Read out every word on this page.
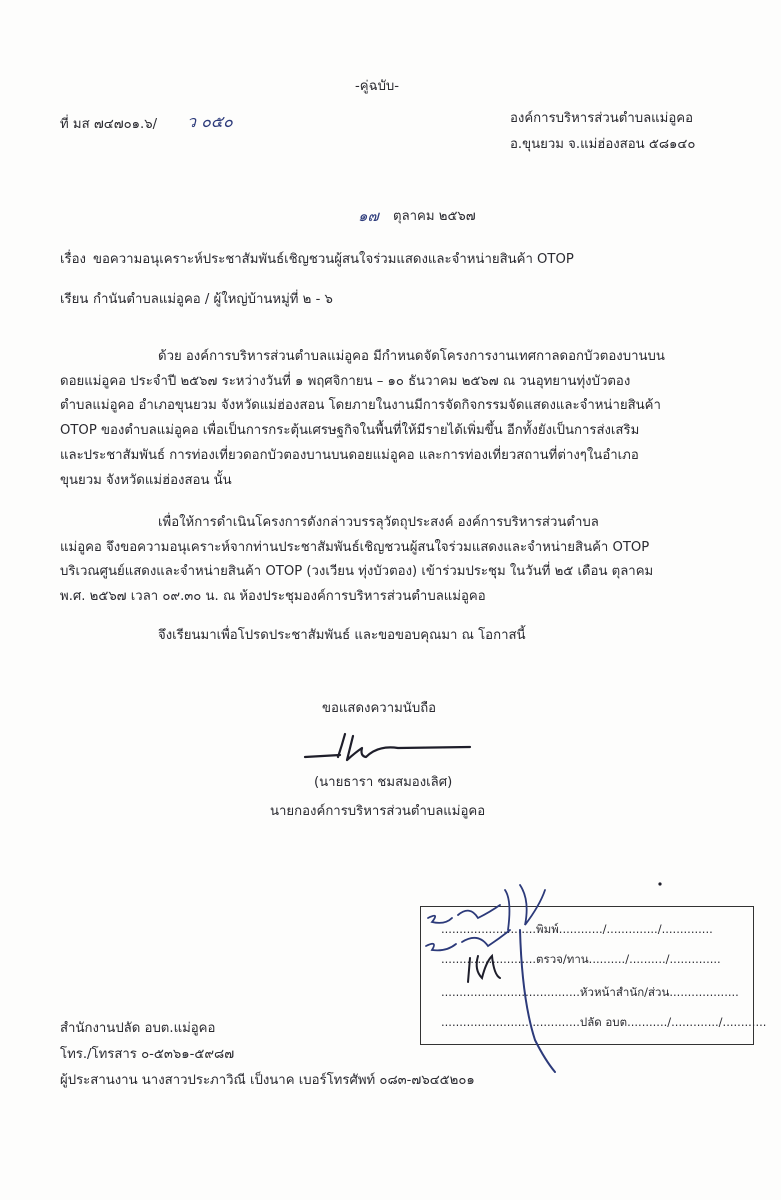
-คู่ฉบับ-
ที่ มส ๗๔๗๐๑.๖/ ว ๐๕๐	องค์การบริหารส่วนตำบลแม่อูคอ
อ.ขุนยวม จ.แม่ฮ่องสอน ๕๘๑๔๐
๑๗ ตุลาคม ๒๕๖๗
เรื่อง ขอความอนุเคราะห์ประชาสัมพันธ์เชิญชวนผู้สนใจร่วมแสดงและจำหน่ายสินค้า OTOP
เรียน กำนันตำบลแม่อูคอ / ผู้ใหญ่บ้านหมู่ที่ ๒ - ๖
ด้วย องค์การบริหารส่วนตำบลแม่อูคอ มีกำหนดจัดโครงการงานเทศกาลดอกบัวตองบานบน
ดอยแม่อูคอ ประจำปี ๒๕๖๗ ระหว่างวันที่ ๑ พฤศจิกายน – ๑๐ ธันวาคม ๒๕๖๗ ณ วนอุทยานทุ่งบัวตอง
ตำบลแม่อูคอ อำเภอขุนยวม จังหวัดแม่ฮ่องสอน โดยภายในงานมีการจัดกิจกรรมจัดแสดงและจำหน่ายสินค้า
OTOP ของตำบลแม่อูคอ เพื่อเป็นการกระตุ้นเศรษฐกิจในพื้นที่ให้มีรายได้เพิ่มขึ้น อีกทั้งยังเป็นการส่งเสริม
และประชาสัมพันธ์ การท่องเที่ยวดอกบัวตองบานบนดอยแม่อูคอ และการท่องเที่ยวสถานที่ต่างๆในอำเภอ
ขุนยวม จังหวัดแม่ฮ่องสอน นั้น
เพื่อให้การดำเนินโครงการดังกล่าวบรรลุวัตถุประสงค์ องค์การบริหารส่วนตำบล
แม่อูคอ จึงขอความอนุเคราะห์จากท่านประชาสัมพันธ์เชิญชวนผู้สนใจร่วมแสดงและจำหน่ายสินค้า OTOP
บริเวณศูนย์แสดงและจำหน่ายสินค้า OTOP (วงเวียน ทุ่งบัวตอง) เข้าร่วมประชุม ในวันที่ ๒๕ เดือน ตุลาคม
พ.ศ. ๒๕๖๗ เวลา ๐๙.๓๐ น. ณ ห้องประชุมองค์การบริหารส่วนตำบลแม่อูคอ
จึงเรียนมาเพื่อโปรดประชาสัมพันธ์ และขอขอบคุณมา ณ โอกาสนี้
ขอแสดงความนับถือ
(นายธารา ชมสมองเลิศ)
นายกองค์การบริหารส่วนตำบลแม่อูคอ
..........................พิมพ์............/............../..............
..........................ตรวจ/ทาน........../........../..............
......................................หัวหน้าสำนัก/ส่วน...................
......................................ปลัด อบต.........../............./............
สำนักงานปลัด อบต.แม่อูคอ
โทร./โทรสาร ๐-๕๓๖๑-๕๙๘๗
ผู้ประสานงาน นางสาวประภาวิณี เป็งนาค เบอร์โทรศัพท์ ๐๘๓-๗๖๔๕๒๐๑
